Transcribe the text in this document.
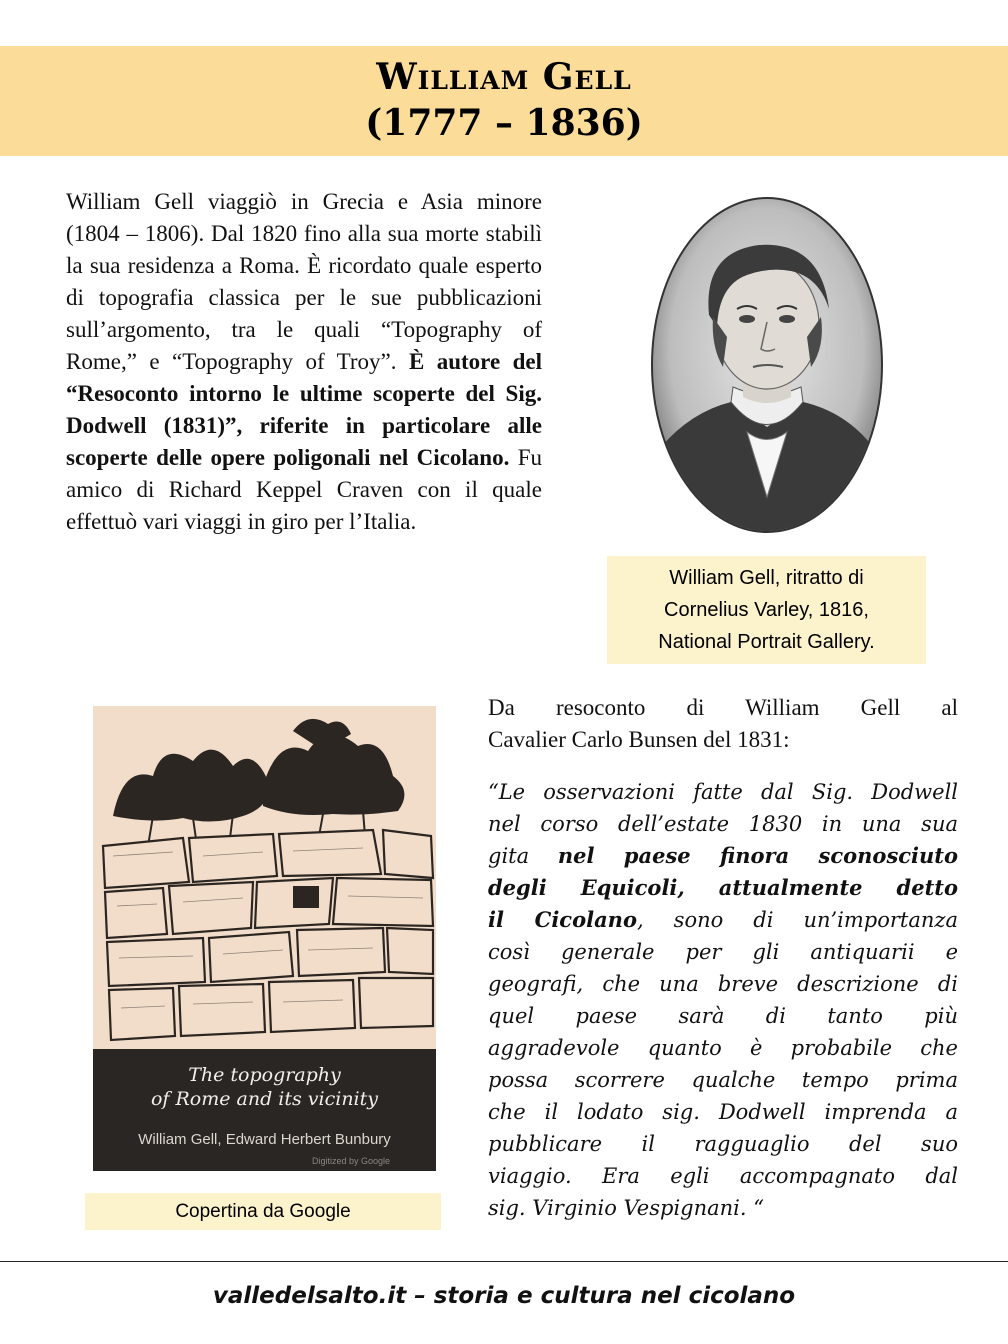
William Gell
(1777 – 1836)
William Gell viaggiò in Grecia e Asia minore (1804 – 1806). Dal 1820 fino alla sua morte stabilì la sua residenza a Roma. È ricordato quale esperto di topografia classica per le sue pubblicazioni sull’argomento, tra le quali “Topography of Rome,” e “Topography of Troy”. È autore del “Resoconto intorno le ultime scoperte del Sig. Dodwell (1831)”, riferite in particolare alle scoperte delle opere poligonali nel Cicolano. Fu amico di Richard Keppel Craven con il quale effettuò vari viaggi in giro per l’Italia.
William Gell, ritratto di
Cornelius Varley, 1816,
National Portrait Gallery.
The topography
of Rome and its vicinity
William Gell, Edward Herbert Bunbury
Digitized by Google
Copertina da Google
Da resoconto di William Gell al
Cavalier Carlo Bunsen del 1831:
“Le osservazioni fatte dal Sig. Dodwell
nel corso dell’estate 1830 in una sua
gita nel paese finora sconosciuto
degli Equicoli, attualmente detto
il Cicolano, sono di un’importanza
così generale per gli antiquarii e
geografi, che una breve descrizione di
quel paese sarà di tanto più
aggradevole quanto è probabile che
possa scorrere qualche tempo prima
che il lodato sig. Dodwell imprenda a
pubblicare il ragguaglio del suo
viaggio. Era egli accompagnato dal
sig. Virginio Vespignani. “
valledelsalto.it – storia e cultura nel cicolano
